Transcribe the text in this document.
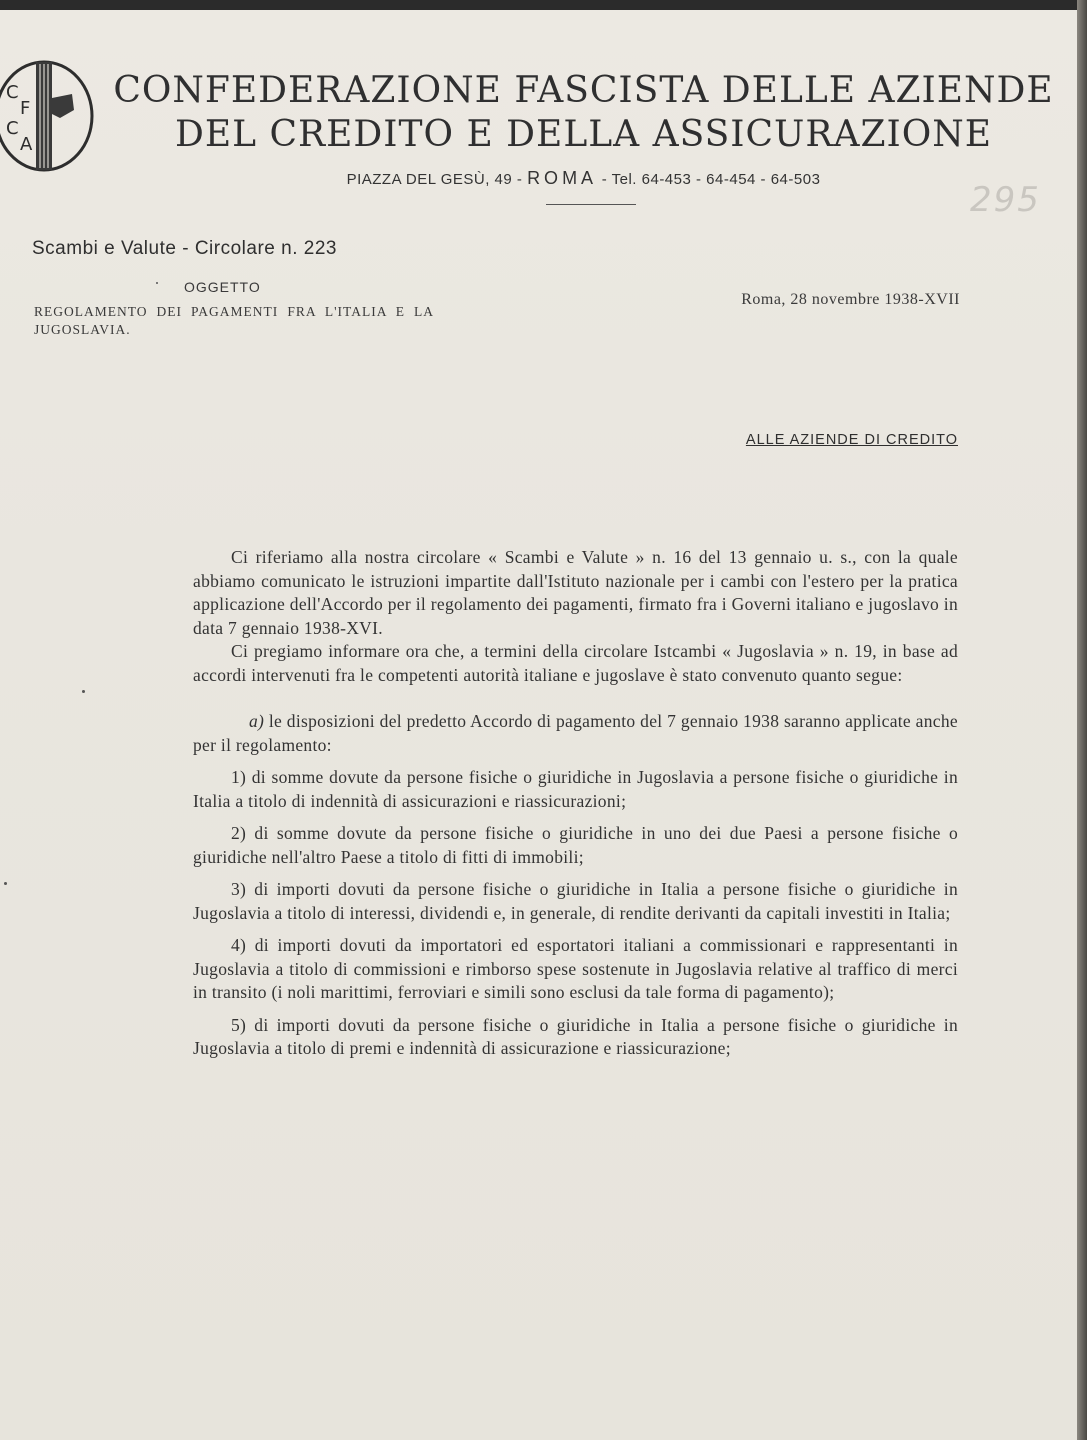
C
F
C
A
CONFEDERAZIONE FASCISTA DELLE AZIENDE
DEL CREDITO E DELLA ASSICURAZIONE
PIAZZA DEL GESÙ, 49 - ROMA - Tel. 64-453 - 64-454 - 64-503
295
Scambi e Valute - Circolare n. 223
OGGETTO
REGOLAMENTO DEI PAGAMENTI FRA L'ITALIA E LA JUGOSLAVIA.
Roma, 28 novembre 1938-XVII
ALLE AZIENDE DI CREDITO

Ci riferiamo alla nostra circolare « Scambi e Valute » n. 16 del 13 gennaio u. s., con la quale abbiamo comunicato le istruzioni impartite dall'Istituto nazionale per i cambi con l'estero per la pratica applicazione dell'Accordo per il regolamento dei pagamenti, firmato fra i Governi italiano e jugoslavo in data 7 gennaio 1938-XVI.

Ci pregiamo informare ora che, a termini della circolare Istcambi « Jugoslavia » n. 19, in base ad accordi intervenuti fra le competenti autorità italiane e jugoslave è stato convenuto quanto segue:

a) le disposizioni del predetto Accordo di pagamento del 7 gennaio 1938 saranno applicate anche per il regolamento:

1) di somme dovute da persone fisiche o giuridiche in Jugoslavia a persone fisiche o giuridiche in Italia a titolo di indennità di assicurazioni e riassicurazioni;

2) di somme dovute da persone fisiche o giuridiche in uno dei due Paesi a persone fisiche o giuridiche nell'altro Paese a titolo di fitti di immobili;

3) di importi dovuti da persone fisiche o giuridiche in Italia a persone fisiche o giuridiche in Jugoslavia a titolo di interessi, dividendi e, in generale, di rendite derivanti da capitali investiti in Italia;

4) di importi dovuti da importatori ed esportatori italiani a commissionari e rappresentanti in Jugoslavia a titolo di commissioni e rimborso spese sostenute in Jugoslavia relative al traffico di merci in transito (i noli marittimi, ferroviari e simili sono esclusi da tale forma di pagamento);

5) di importi dovuti da persone fisiche o giuridiche in Italia a persone fisiche o giuridiche in Jugoslavia a titolo di premi e indennità di assicurazione e riassicurazione;
